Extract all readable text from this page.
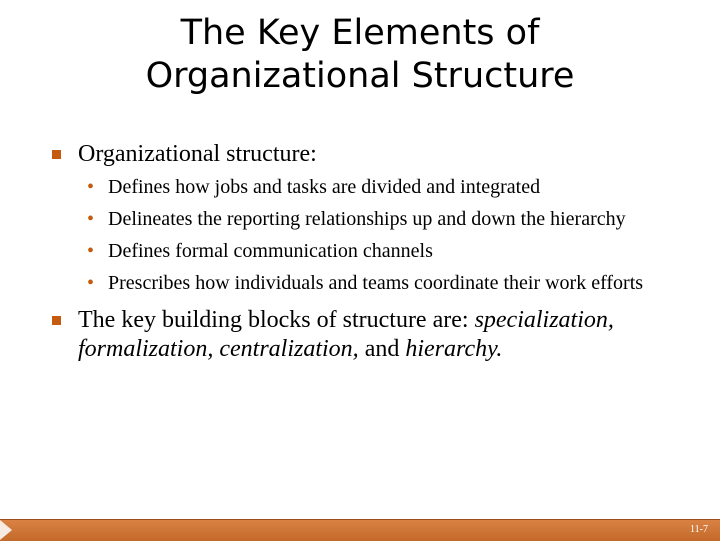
The Key Elements of
Organizational Structure
Organizational structure:
• Defines how jobs and tasks are divided and integrated
• Delineates the reporting relationships up and down the hierarchy
• Defines formal communication channels
• Prescribes how individuals and teams coordinate their work efforts
The key building blocks of structure are: specialization, formalization, centralization, and hierarchy.
11-7
